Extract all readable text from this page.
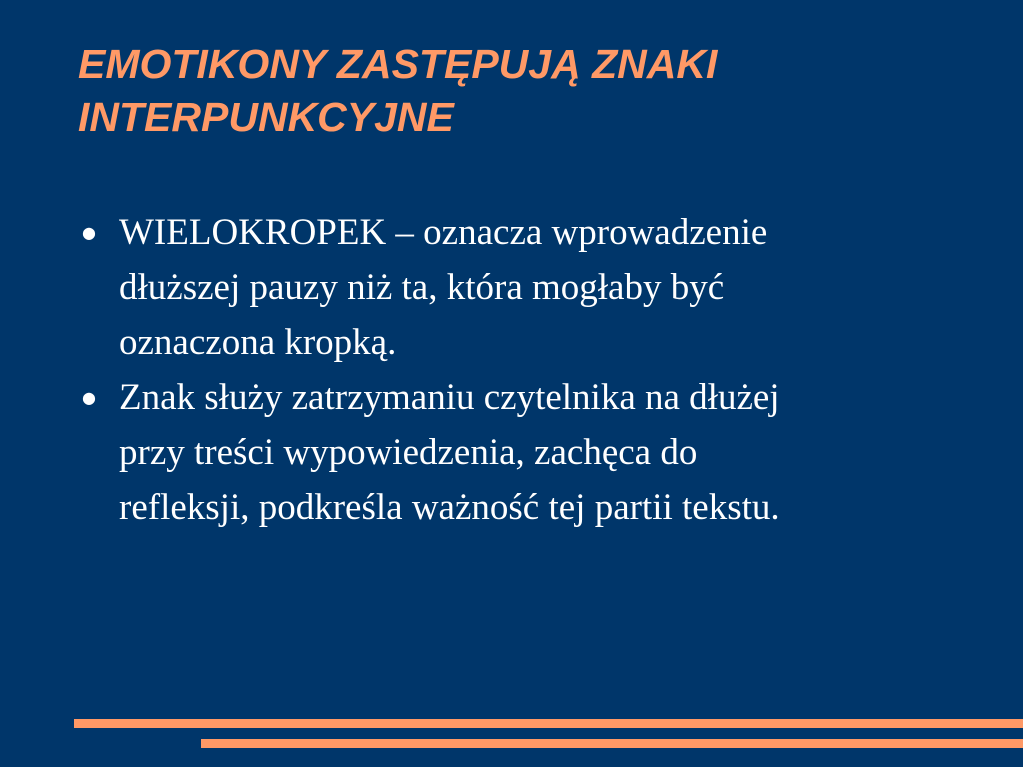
EMOTIKONY ZASTĘPUJĄ ZNAKI
INTERPUNKCYJNE
● WIELOKROPEK – oznacza wprowadzenie
dłuższej pauzy niż ta, która mogłaby być
oznaczona kropką.
● Znak służy zatrzymaniu czytelnika na dłużej
przy treści wypowiedzenia, zachęca do
refleksji, podkreśla ważność tej partii tekstu.
